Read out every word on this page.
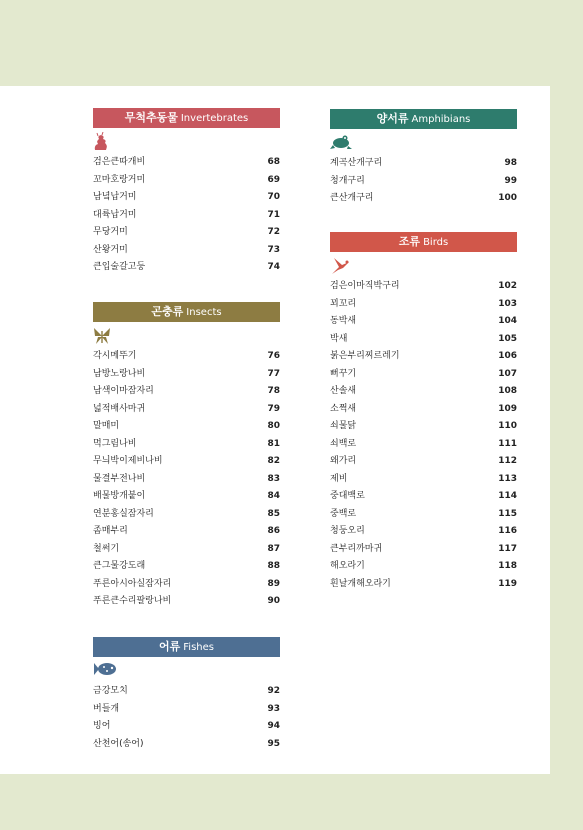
무척추동물 Invertebrates
검은큰따개비	68
꼬마호랑거미	69
남녘납거미	70
대륙납거미	71
무당거미	72
산왕거미	73
큰입술갈고둥	74
곤충류 Insects
각시메뚜기	76
남방노랑나비	77
남색이마잠자리	78
넓적배사마귀	79
말매미	80
먹그림나비	81
무늬박이제비나비	82
물결부전나비	83
배물방개붙이	84
연분홍실잠자리	85
좀매부리	86
철써기	87
큰그물강도래	88
푸른아시아실잠자리	89
푸른큰수리팔랑나비	90
어류 Fishes
금강모치	92
버들개	93
빙어	94
산천어(송어)	95
양서류 Amphibians
계곡산개구리	98
청개구리	99
큰산개구리	100
조류 Birds
검은이마직박구리	102
꾀꼬리	103
동박새	104
박새	105
붉은부리찌르레기	106
뻐꾸기	107
산솔새	108
소쩍새	109
쇠물닭	110
쇠백로	111
왜가리	112
제비	113
중대백로	114
중백로	115
청둥오리	116
큰부리까마귀	117
해오라기	118
흰날개해오라기	119
